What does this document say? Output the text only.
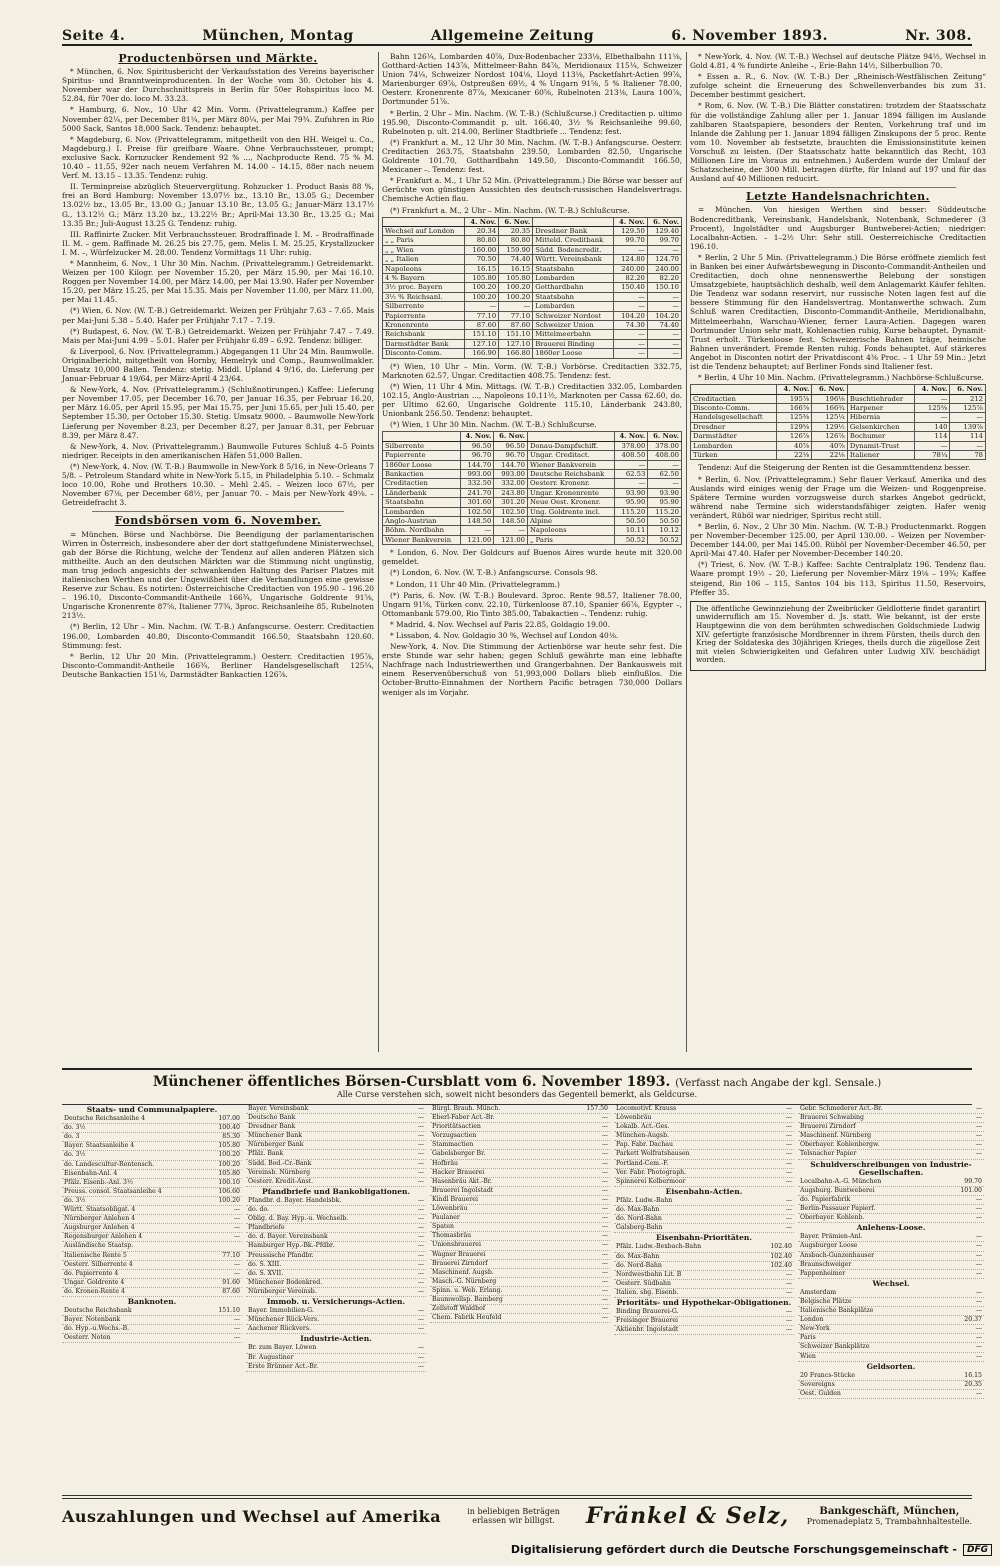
Seite 4.	München, Montag	Allgemeine Zeitung	6. November 1893.	Nr. 308.
Productenbörsen und Märkte.

* München, 6. Nov. Spiritusbericht der Verkaufsstation des Vereins bayerischer Spiritus- und Branntweinproducenten. In der Woche vom 30. October bis 4. November war der Durchschnittspreis in Berlin für 50er Rohspiritus loco M. 52.84, für 70er do. loco M. 33.23.

* Hamburg, 6. Nov., 10 Uhr 42 Min. Vorm. (Privattelegramm.) Kaffee per November 82¼, per December 81¼, per März 80¼, per Mai 79¾. Zufuhren in Rio 5000 Sack, Santos 18,000 Sack. Tendenz: behauptet.

* Magdeburg, 6. Nov. (Privattelegramm, mitgetheilt von den HH. Weigel u. Co., Magdeburg.) I. Preise für greifbare Waare. Ohne Verbrauchssteuer, prompt; exclusive Sack. Kornzucker Rendement 92 % ..., Nachproducte Rend. 75 % M. 10.40 – 11.55, 92er nach neuem Verfahren M. 14.00 – 14.15, 88er nach neuem Verf. M. 13.15 – 13.35. Tendenz: ruhig.

II. Terminpreise abzüglich Steuervergütung. Rohzucker 1. Product Basis 88 %, frei an Bord Hamburg: November 13.07½ bz., 13.10 Br., 13.05 G.; December 13.02½ bz., 13.05 Br., 13.00 G.; Januar 13.10 Br., 13.05 G.; Januar-März 13.17½ G., 13.12½ G.; März 13.20 bz., 13.22½ Br.; April-Mai 13.30 Br., 13.25 G.; Mai 13.35 Br.; Juli-August 13.25 G. Tendenz: ruhig.

III. Raffinirte Zucker. Mit Verbrauchssteuer. Brodraffinade I. M. – Brodraffinade II. M. – gem. Raffinade M. 26.25 bis 27.75, gem. Melis I. M. 25.25, Krystallzucker I. M. –, Würfelzucker M. 28.00. Tendenz Vormittags 11 Uhr: ruhig.

* Mannheim, 6. Nov., 1 Uhr 30 Min. Nachm. (Privattelegramm.) Getreidemarkt. Weizen per 100 Kilogr. per November 15.20, per März 15.90, per Mai 16.10. Roggen per November 14.00, per März 14.00, per Mai 13.90. Hafer per November 15.20, per März 15.25, per Mai 15.35. Mais per November 11.00, per März 11.00, per Mai 11.45.

(*) Wien, 6. Nov. (W. T.-B.) Getreidemarkt. Weizen per Frühjahr 7.63 – 7.65. Mais per Mai-Juni 5.38 – 5.40. Hafer per Frühjahr 7.17 – 7.19.

(*) Budapest, 6. Nov. (W. T.-B.) Getreidemarkt. Weizen per Frühjahr 7.47 – 7.49. Mais per Mai-Juni 4.99 – 5.01. Hafer per Frühjahr 6.89 – 6.92. Tendenz: billiger.

& Liverpool, 6. Nov. (Privattelegramm.) Abgegangen 11 Uhr 24 Min. Baumwolle. Originalbericht, mitgetheilt von Hornby, Hemelryk und Comp., Baumwollmakler. Umsatz 10,000 Ballen. Tendenz: stetig. Middl. Upland 4 9/16, do. Lieferung per Januar-Februar 4 19/64, per März-April 4 23/64.

& New-York, 4. Nov. (Privattelegramm.) (Schlußnotirungen.) Kaffee: Lieferung per November 17.05, per December 16.70, per Januar 16.35, per Februar 16.20, per März 16.05, per April 15.95, per Mai 15.75, per Juni 15.65, per Juli 15.40, per September 15.30, per October 15.30. Stetig. Umsatz 9000. – Baumwolle New-York Lieferung per November 8.23, per December 8.27, per Januar 8.31, per Februar 8.39, per März 8.47.

& New-York, 4. Nov. (Privattelegramm.) Baumwolle Futures Schluß 4–5 Points niedriger. Receipts in den amerikanischen Häfen 51,000 Ballen.

(*) New-York, 4. Nov. (W. T.-B.) Baumwolle in New-York 8 5/16, in New-Orleans 7 5/8. – Petroleum Standard white in New-York 5.15, in Philadelphia 5.10. – Schmalz loco 10.00, Rohe und Brothers 10.30. – Mehl 2.45. – Weizen loco 67½, per November 67⅛, per December 68½, per Januar 70. – Mais per New-York 49⅛. – Getreidefracht 3.

Fondsbörsen vom 6. November.

= München. Börse und Nachbörse. Die Beendigung der parlamentarischen Wirren in Österreich, insbesondere aber der dort stattgefundene Ministerwechsel, gab der Börse die Richtung, welche der Tendenz auf allen anderen Plätzen sich mittheilte. Auch an den deutschen Märkten war die Stimmung nicht ungünstig, man trug jedoch angesichts der schwankenden Haltung des Pariser Platzes mit italienischen Werthen und der Ungewißheit über die Verhandlungen eine gewisse Reserve zur Schau. Es notirten: Österreichische Creditactien von 195.90 – 196.20 – 196.10, Disconto-Commandit-Antheile 166¾, Ungarische Goldrente 91⅝, Ungarische Kronenrente 87⅝, Italiener 77¾, 3proc. Reichsanleihe 85, Rubelnoten 213½.

(*) Berlin, 12 Uhr – Min. Nachm. (W. T.-B.) Anfangscurse. Oesterr. Creditactien 196.00, Lombarden 40.80, Disconto-Commandit 166.50, Staatsbahn 120.60. Stimmung: fest.

* Berlin, 12 Uhr 20 Min. (Privattelegramm.) Oesterr. Creditactien 195⅞, Disconto-Commandit-Antheile 166¾, Berliner Handelsgesellschaft 125¼, Deutsche Bankactien 151⅛, Darmstädter Bankactien 126⅞.

Bahn 126¼, Lombarden 40⅞, Dux-Bodenbacher 233⅛, Elbethalbahn 111⅛, Gotthard-Actien 143⅞, Mittelmeer-Bahn 84⅞, Meridionaux 115¼, Schweizer Union 74¼, Schweizer Nordost 104⅛, Lloyd 113⅛, Packetfahrt-Actien 99⅞, Marienburger 69⅞, Ostpreußen 69½, 4 % Ungarn 91⅝, 5 % Italiener 78.00, Oesterr. Kronenrente 87⅞, Mexicaner 60⅝, Rubelnoten 213⅛, Laura 100⅞, Dortmunder 51⅞.

* Berlin, 2 Uhr – Min. Nachm. (W. T.-B.) (Schlußcurse.) Creditactien p. ultimo 195.90, Disconto-Commandit p. ult. 166.40, 3½ % Reichsanleihe 99.60, Rubelnoten p. ult. 214.00, Berliner Stadtbriefe ... Tendenz: fest.

(*) Frankfurt a. M., 12 Uhr 30 Min. Nachm. (W. T.-B.) Anfangscurse. Oesterr. Creditactien 263.75, Staatsbahn 239.50, Lombarden 82.50, Ungarische Goldrente 101.70, Gotthardbahn 149.50, Disconto-Commandit 166.50, Mexicaner –. Tendenz: fest.

* Frankfurt a. M., 1 Uhr 52 Min. (Privattelegramm.) Die Börse war besser auf Gerüchte von günstigen Aussichten des deutsch-russischen Handelsvertrags. Chemische Actien flau.

(*) Frankfurt a. M., 2 Uhr – Min. Nachm. (W. T.-B.) Schlußcurse.

	4. Nov.	6. Nov.		4. Nov.	6. Nov.
Wechsel auf London	20.34	20.35	Dresdner Bank	129.50	129.40
„ „ Paris	80.80	80.80	Mitteld. Creditbank	99.70	99.70
„ „ Wien	160.00	159.90	Südd. Bodencredit.	—	—
„ „ Italien	70.50	74.40	Württ. Vereinsbank	124.80	124.70
Napoleons	16.15	16.15	Staatsbahn	240.00	240.00
4 % Bayern	105.80	105.80	Lombarden	82.20	82.20
3½ proc. Bayern	100.20	100.20	Gotthardbahn	150.40	150.10
3½ % Reichsanl.	100.20	100.20	Staatsbahn	—	—
Silberrente	—	—	Lombarden	—	—
Papierrente	77.10	77.10	Schweizer Nordost	104.20	104.20
Kronenrente	87.60	87.60	Schweizer Union	74.30	74.40
Reichsbank	151.10	151.10	Mittelmeerbahn	—	—
Darmstädter Bank	127.10	127.10	Brauerei Binding	—	—
Disconto-Comm.	166.90	166.80	1860er Loose	—	—

(*) Wien, 10 Uhr – Min. Vorm. (W. T.-B.) Vorbörse. Creditactien 332.75, Marknoten 62.57, Ungar. Creditactien 408.75. Tendenz: fest.

(*) Wien, 11 Uhr 4 Min. Mittags. (W. T.-B.) Creditactien 332.05, Lombarden 102.15, Anglo-Austrian ..., Napoleons 10.11½, Marknoten per Cassa 62.60, do. per Ultimo 62.60, Ungarische Goldrente 115.10, Länderbank 243.80, Unionbank 256.50. Tendenz: behauptet.

(*) Wien, 1 Uhr 30 Min. Nachm. (W. T.-B.) Schlußcurse.

	4. Nov.	6. Nov.		4. Nov.	6. Nov.
Silberrente	96.50	96.50	Donau-Dampfschiff.	378.00	378.00
Papierrente	96.70	96.70	Ungar. Creditact.	408.50	408.00
1860er Loose	144.70	144.70	Wiener Bankverein	—	—
Bankactien	993.00	993.00	Deutsche Reichsbank	62.53	62.50
Creditactien	332.50	332.00	Oesterr. Kronenr.	—	—
Länderbank	241.70	243.80	Ungar. Kronenrente	93.90	93.90
Staatsbahn	301.60	301.20	Neue Oest. Kronenr.	95.90	95.90
Lombarden	102.50	102.50	Ung. Goldrente incl.	115.20	115.20
Anglo-Austrian	148.50	148.50	Alpine	50.50	50.50
Böhm. Nordbahn	—	—	Napoleons	10.11	10.12
Wiener Bankverein	121.00	121.00	„ Paris	50.52	50.52

* London, 6. Nov. Der Goldcurs auf Buenos Aires wurde heute mit 320.00 gemeldet.

(*) London, 6. Nov. (W. T.-B.) Anfangscurse. Consols 98.

* London, 11 Uhr 40 Min. (Privattelegramm.)

(*) Paris, 6. Nov. (W. T.-B.) Boulevard. 3proc. Rente 98.57, Italiener 78.00, Ungarn 91⅝, Türken conv. 22.10, Türkenloose 87.10, Spanier 66⅞, Egypter –, Ottomanbank 579.00, Rio Tinto 385.00, Tabakactien –. Tendenz: ruhig.

* Madrid, 4. Nov. Wechsel auf Paris 22.85, Goldagio 19.00.

* Lissabon, 4. Nov. Goldagio 30 %, Wechsel auf London 40⅛.

New-York, 4. Nov. Die Stimmung der Actienbörse war heute sehr fest. Die erste Stunde war sehr haben; gegen Schluß gewährte man eine lebhafte Nachfrage nach Industriewerthen und Grangerbahnen. Der Bankausweis mit einem Reservenüberschuß von 51,993,000 Dollars blieb einflußlos. Die October-Brutto-Einnahmen der Northern Pacific betragen 730,000 Dollars weniger als im Vorjahr.

* New-York, 4. Nov. (W. T.-B.) Wechsel auf deutsche Plätze 94½, Wechsel in Gold 4.81, 4 % fundirte Anleihe –, Erie-Bahn 14½, Silberbullion 70.

* Essen a. R., 6. Nov. (W. T.-B.) Der „Rheinisch-Westfälischen Zeitung“ zufolge scheint die Erneuerung des Schwellenverbandes bis zum 31. December bestimmt gesichert.

* Rom, 6. Nov. (W. T.-B.) Die Blätter constatiren: trotzdem der Staatsschatz für die vollständige Zahlung aller per 1. Januar 1894 fälligen im Auslande zahlbaren Staatspapiere, besonders der Renten, Vorkehrung traf und im Inlande die Zahlung per 1. Januar 1894 fälligen Zinskupons der 5 proc. Rente vom 10. November ab festsetzte, brauchten die Emissionsinstitute keinen Vorschuß zu leisten. (Der Staatsschatz hatte bekanntlich das Recht, 103 Millionen Lire im Voraus zu entnehmen.) Außerdem wurde der Umlauf der Schatzscheine, der 300 Mill. betragen dürfte, für Inland auf 197 und für das Ausland auf 40 Millionen reducirt.

Letzte Handelsnachrichten.

= München. Von hiesigen Werthen sind besser: Süddeutsche Bodencreditbank, Vereinsbank, Handelsbank, Notenbank, Schmederer (3 Procent), Ingolstädter und Augsburger Buntweberei-Actien; niedriger: Localbahn-Actien. – 1–2½ Uhr: Sehr still. Oesterreichische Creditactien 196.10.

* Berlin, 2 Uhr 5 Min. (Privattelegramm.) Die Börse eröffnete ziemlich fest in Banken bei einer Aufwärtsbewegung in Disconto-Commandit-Antheilen und Creditactien, doch ohne nennenswerthe Belebung der sonstigen Umsatzgebiete, hauptsächlich deshalb, weil dem Anlagemarkt Käufer fehlten. Die Tendenz war sodann reservirt, nur russische Noten lagen fest auf die bessere Stimmung für den Handelsvertrag. Montanwerthe schwach. Zum Schluß waren Creditactien, Disconto-Commandit-Antheile, Meridionalbahn, Mittelmeerbahn, Warschau-Wiener, ferner Laura-Actien. Dagegen waren Dortmunder Union sehr matt, Kohlenactien ruhig, Kurse behauptet. Dynamit-Trust erholt. Türkenloose fest. Schweizerische Bahnen träge, heimische Bahnen unverändert. Fremde Renten ruhig. Fonds behauptet. Auf stärkeres Angebot in Disconten notirt der Privatdiscont 4⅜ Proc. – 1 Uhr 59 Min.: Jetzt ist die Tendenz behauptet; auf Berliner Fonds sind Italiener fest.

* Berlin, 4 Uhr 10 Min. Nachm. (Privattelegramm.) Nachbörse-Schlußcurse.

	4. Nov.	6. Nov.		4. Nov.	6. Nov.
Creditactien	195⅞	196⅛	Buschtiehrader	—	212
Disconto-Comm.	166⅞	166¾	Harpener	125⅝	125⅞
Handelsgesellschaft	125⅜	125¼	Hibernia	—	—
Dresdner	129⅝	129½	Gelsenkirchen	140	139⅞
Darmstädter	126⅞	126⅞	Bochumer	114	114
Lombarden	40⅞	40⅞	Dynamit-Trust	—	—
Türken	22⅛	22⅛	Italiener	78¼	78

Tendenz: Auf die Steigerung der Renten ist die Gesammttendenz besser.

* Berlin, 6. Nov. (Privattelegramm.) Sehr flauer Verkauf. Amerika und des Auslands wird einiges wenig der Frage um die Weizen- und Roggenpreise. Spätere Termine wurden vorzugsweise durch starkes Angebot gedrückt, während nahe Termine sich widerstandsfähiger zeigten. Hafer wenig verändert, Rüböl war niedriger, Spiritus recht still.

* Berlin, 6. Nov., 2 Uhr 30 Min. Nachm. (W. T.-B.) Productenmarkt. Roggen per November-December 125.00, per April 130.00. – Weizen per November-December 144.00, per Mai 145.00. Rüböl per November-December 46.50, per April-Mai 47.40. Hafer per November-December 140.20.

(*) Triest, 6. Nov. (W. T.-B.) Kaffee: Sachte Centralplatz 196. Tendenz flau. Waare prompt 19½ – 20, Lieferung per November-März 19⅛ – 19¾; Kaffee steigend, Rio 106 – 115, Santos 104 bis 113, Spiritus 11.50, Reservoirs, Pfeffer 35.

Die öffentliche Gewinnziehung der Zweibrücker Geldlotterie findet garantirt unwiderruflich am 15. November d. Js. statt. Wie bekannt, ist der erste Hauptgewinn die von dem berühmten schwedischen Goldschmiede Ludwig XIV. gefertigte französische Mordbrenner in ihrem Fürsten, theils durch den Krieg der Soldateska des 30jährigen Krieges, theils durch die zügellose Zeit mit vielen Schwierigkeiten und Gefahren unter Ludwig XIV. beschädigt worden.

Münchener öffentliches Börsen-Cursblatt vom 6. November 1893. (Verfasst nach Angabe der kgl. Sensale.)
Alle Curse verstehen sich, soweit nicht besonders das Gegenteil bemerkt, als Geldcurse.
Staats- und Communalpapiere.
Deutsche Reichsanleihe 4	107.00
do. 3½	100.40
do. 3	85.30
Bayer. Staatsanleihe 4	105.80
do. 3½	100.20
do. Landescultur-Rentensch.	100.20
Eisenbahn-Anl. 4	105.80
Pfälz. Eisenb.-Anl. 3½	100.10
Preuss. consol. Staatsanleihe 4	106.60
do. 3½	100.20
Württ. Staatsobligat. 4	—
Nürnberger Anlehen 4	—
Augsburger Anlehen 4	—
Regensburger Anlehen 4	—
Ausländische Staatsp.
Italienische Rente 5	77.10
Oesterr. Silberrente 4	—
do. Papierrente 4	—
Ungar. Goldrente 4	91.60
do. Kronen-Rente 4	87.60
Banknoten.
Deutsche Reichsbank	151.10
Bayer. Notenbank	—
do. Hyp.-u.Wechs.-B.	—
Oesterr. Noten	—
Bayer. Vereinsbank	—
Deutsche Bank	—
Dresdner Bank	—
Münchener Bank	—
Nürnberger Bank	—
Pfälz. Bank	—
Südd. Bod.-Cr.-Bank	—
Vereinsb. Nürnberg	—
Oesterr. Kredit-Anst.	—
Pfandbriefe und Bankobligationen.
Pfandbr. d. Bayer. Handelsbk.	—
do. do.	—
Oblig. d. Bay. Hyp.-u. Wechselb.	—
Pfandbriefe	—
do. d. Bayer. Vereinsbank	—
Hamburger Hyp.-Bk.-Pfdbr.	—
Preussische Pfandbr.	—
do. S. XIII.	—
do. S. XVII.	—
Münchener Bodenkred.	—
Nürnberger Vereinsb.	—
Immob. u. Versicherungs-Actien.
Bayer. Immobilien-G.	—
Münchener Rück-Vers.	—
Aachener Rückvers.	—
Industrie-Actien.
Br. zum Bayer. Löwen	—
Br. Augustiner	—
Erste Brünner Act.-Br.	—
Bürgl. Brauh. Münch.	157.50
Eberl-Faber Act.-Br.	—
Prioritätsactien	—
Vorzugsactien	—
Stammactien	—
Gabelsberger Br.	—
Hofbräu	—
Hacker Brauerei	—
Hasenbräu Akt.-Br.	—
Brauerei Ingolstadt	—
Kindl Brauerei	—
Löwenbräu	—
Paulaner	—
Spaten	—
Thomasbräu	—
Unionsbrauerei	—
Wagner Brauerei	—
Brauerei Zirndorf	—
Maschinenf. Augsb.	—
Masch.-G. Nürnberg	—
Spinn. u. Web. Erlang.	—
Baumwollsp. Bamberg	—
Zellstoff Waldhof	—
Chem. Fabrik Heufeld	—
Locomotivf. Krauss	—
Löwenbräu	—
Lokalb. Act.-Ges.	—
München-Augsb.	—
Pap. Fabr. Dachau	—
Parkett Wolfratshausen	—
Portland-Cem.-F.	—
Ver. Fabr. Photograph.	—
Spinnerei Kolbermoor	—
Eisenbahn-Actien.
Pfälz. Ludw.-Bahn	—
do. Max-Bahn	—
do. Nord-Bahn	—
Galsberg-Bahn	—
Eisenbahn-Prioritäten.
Pfälz. Ludw.-Bexbach-Bahn	102.40
do. Max-Bahn	102.40
do. Nord-Bahn	102.40
Nordwestbahn Lit. B	—
Oesterr. Südbahn	—
Italien. sbg. Eisenb.	—
Prioritäts- und Hypothekar-Obligationen.
Binding Brauerei-G.	—
Freisinger Brauerei	—
Aktienbr. Ingolstadt	—
Gebr. Schmederer Act.-Br.	—
Brauerei Schwabing	—
Brauerei Zirndorf	—
Maschinenf. Nürnberg	—
Oberbayer. Kohlenbergw.	—
Telsnacher Papier	—
Schuldverschreibungen von Industrie-Gesellschaften.
Localbahn-A.-G. München	99.70
Augsburg. Buntweberei	101.00
do. Papierfabrik	—
Berlin-Passauer Papierf.	—
Oberbayer. Kohlenb.	—
Anlehens-Loose.
Bayer. Prämien-Anl.	—
Augsburger Loose	—
Ansbach-Gunzenhauser	—
Braunschweiger	—
Pappenheimer	—
Wechsel.
Amsterdam	—
Belgische Plätze	—
Italienische Bankplätze	—
London	20.37
New-York	—
Paris	—
Schweizer Bankplätze	—
Wien	—
Geldsorten.
20 Francs-Stücke	16.15
Sovereigns	20.35
Oest. Gulden	—
Auszahlungen und Wechsel auf Amerika	in beliebigen Beträgen erlassen wir billigst.	Fränkel & Selz,	Bankgeschäft, München,
Promenadeplatz 5, Trambahnhaltestelle.
Digitalisierung gefördert durch die Deutsche Forschungsgemeinschaft -	DFG
